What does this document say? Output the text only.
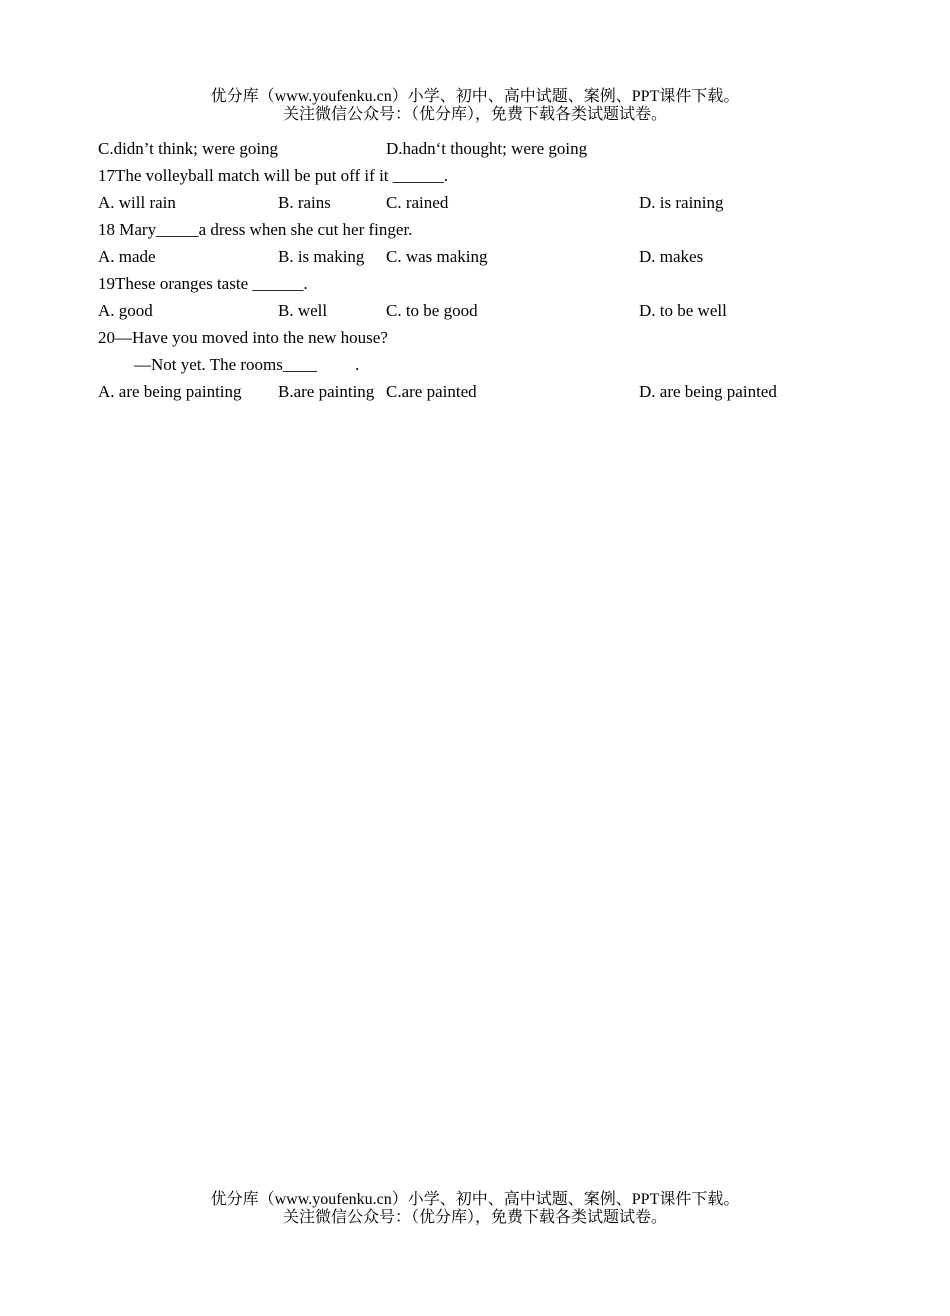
优分库（www.youfenku.cn）小学、初中、高中试题、案例、PPT课件下载。
关注微信公众号：（优分库），免费下载各类试题试卷。
C.didn’t think; were going	D.hadn‘t thought; were going
17The volleyball match will be put off if it ______.
A. will rain	B. rains	C. rained	D. is raining
18 Mary_____a dress when she cut her finger.
A. made	B. is making C. was making	D. makes
19These oranges taste ______.
A. good	B. well	C. to be good	D. to be well
20—Have you moved into the new house?
—Not yet. The rooms____         .
A. are being painting B.are painting C.are painted	D. are being painted
优分库（www.youfenku.cn）小学、初中、高中试题、案例、PPT课件下载。
关注微信公众号：（优分库），免费下载各类试题试卷。
